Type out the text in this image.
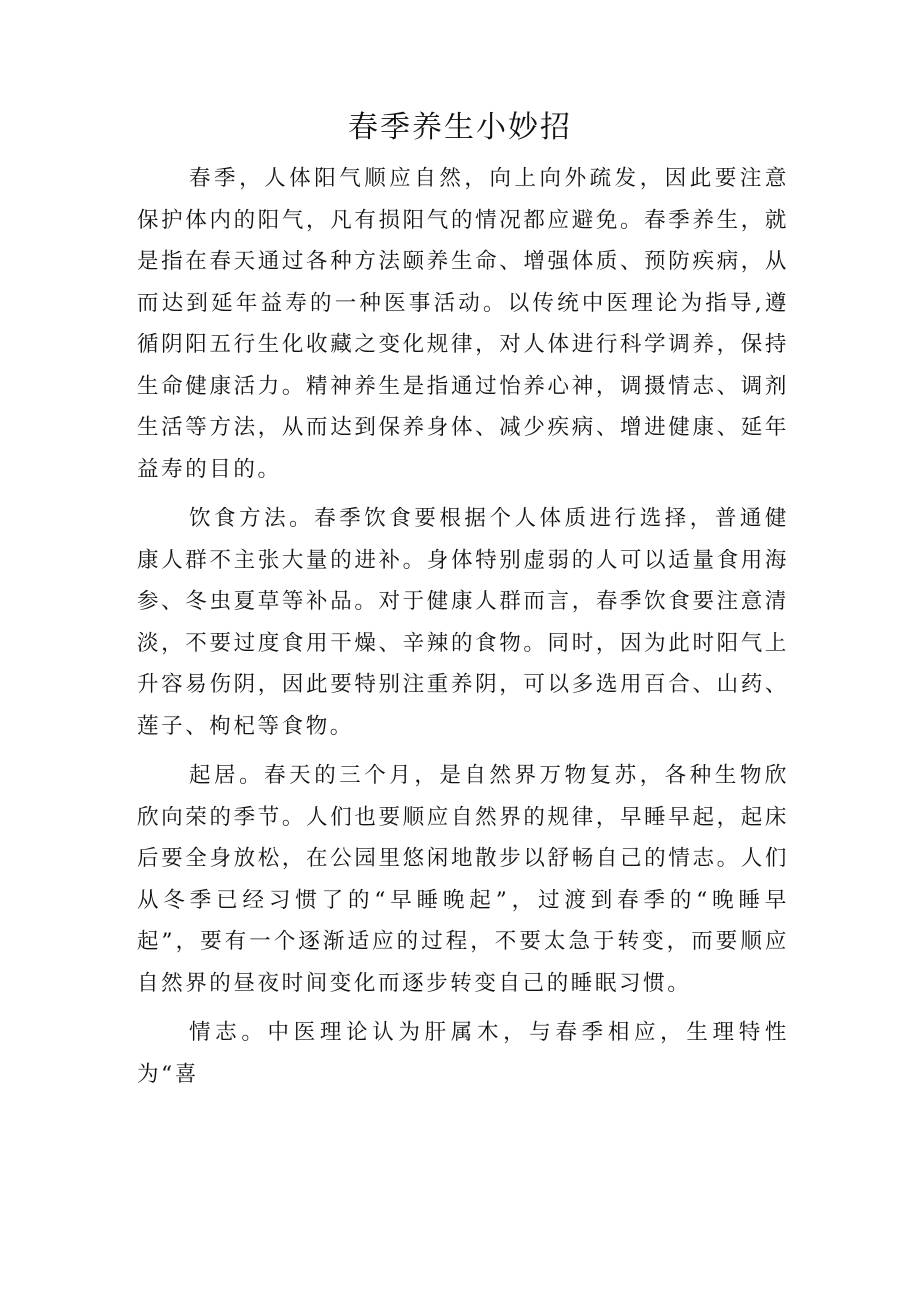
春季养生小妙招

春季，人体阳气顺应自然，向上向外疏发，因此要注意保护体内的阳气，凡有损阳气的情况都应避免。春季养生，就是指在春天通过各种方法颐养生命、增强体质、预防疾病，从而达到延年益寿的一种医事活动。以传统中医理论为指导,遵循阴阳五行生化收藏之变化规律，对人体进行科学调养，保持生命健康活力。精神养生是指通过怡养心神，调摄情志、调剂生活等方法，从而达到保养身体、减少疾病、增进健康、延年益寿的目的。

饮食方法。春季饮食要根据个人体质进行选择，普通健康人群不主张大量的进补。身体特别虚弱的人可以适量食用海参、冬虫夏草等补品。对于健康人群而言，春季饮食要注意清淡，不要过度食用干燥、辛辣的食物。同时，因为此时阳气上升容易伤阴，因此要特别注重养阴，可以多选用百合、山药、莲子、枸杞等食物。

起居。春天的三个月，是自然界万物复苏，各种生物欣欣向荣的季节。人们也要顺应自然界的规律，早睡早起，起床后要全身放松，在公园里悠闲地散步以舒畅自己的情志。人们从冬季已经习惯了的“早睡晚起”，过渡到春季的“晚睡早起”，要有一个逐渐适应的过程，不要太急于转变，而要顺应自然界的昼夜时间变化而逐步转变自己的睡眠习惯。

情志。中医理论认为肝属木，与春季相应，生理特性为“喜
